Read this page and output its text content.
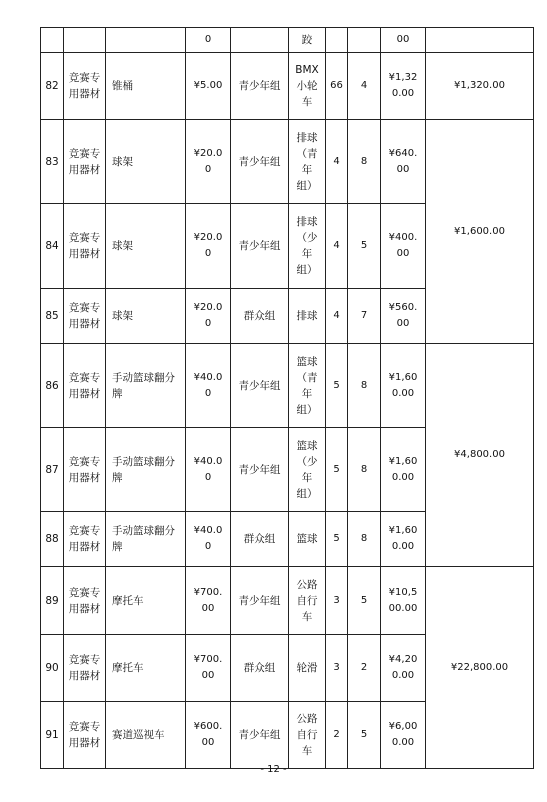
			0		跤			00	
82	竞赛专
用器材	锥桶	¥5.00	青少年组	BMX
小轮
车	66	4	¥1,32
0.00	¥1,320.00
83	竞赛专
用器材	球架	¥20.0
0	青少年组	排球
（青
年
组）	4	8	¥640.
00	¥1,600.00
84	竞赛专
用器材	球架	¥20.0
0	青少年组	排球
（少
年
组）	4	5	¥400.
00	
85	竞赛专
用器材	球架	¥20.0
0	群众组	排球	4	7	¥560.
00	
86	竞赛专
用器材	手动篮球翻分
牌	¥40.0
0	青少年组	篮球
（青
年
组）	5	8	¥1,60
0.00	¥4,800.00
87	竞赛专
用器材	手动篮球翻分
牌	¥40.0
0	青少年组	篮球
（少
年
组）	5	8	¥1,60
0.00	
88	竞赛专
用器材	手动篮球翻分
牌	¥40.0
0	群众组	篮球	5	8	¥1,60
0.00	
89	竞赛专
用器材	摩托车	¥700.
00	青少年组	公路
自行
车	3	5	¥10,5
00.00	¥22,800.00
90	竞赛专
用器材	摩托车	¥700.
00	群众组	轮滑	3	2	¥4,20
0.00	
91	竞赛专
用器材	赛道巡视车	¥600.
00	青少年组	公路
自行
车	2	5	¥6,00
0.00	
- 12 -
